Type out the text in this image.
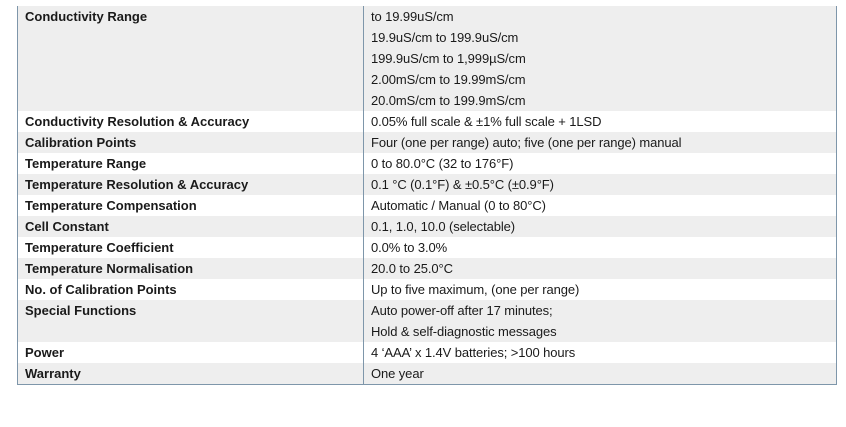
Conductivity Range	to 19.99uS/cm
19.9uS/cm to 199.9uS/cm
199.9uS/cm to 1,999µS/cm
2.00mS/cm to 19.99mS/cm
20.0mS/cm to 199.9mS/cm

Conductivity Resolution & Accuracy	0.05% full scale & ±1% full scale + 1LSD

Calibration Points	Four (one per range) auto; five (one per range) manual

Temperature Range	0 to 80.0°C (32 to 176°F)

Temperature Resolution & Accuracy	0.1 °C (0.1°F) & ±0.5°C (±0.9°F)

Temperature Compensation	Automatic / Manual (0 to 80°C)

Cell Constant	0.1, 1.0, 10.0 (selectable)

Temperature Coefficient	0.0% to 3.0%

Temperature Normalisation	20.0 to 25.0°C

No. of Calibration Points	Up to five maximum, (one per range)

Special Functions	Auto power-off after 17 minutes;
Hold & self-diagnostic messages

Power	4 ‘AAA’ x 1.4V batteries; >100 hours

Warranty	One year
